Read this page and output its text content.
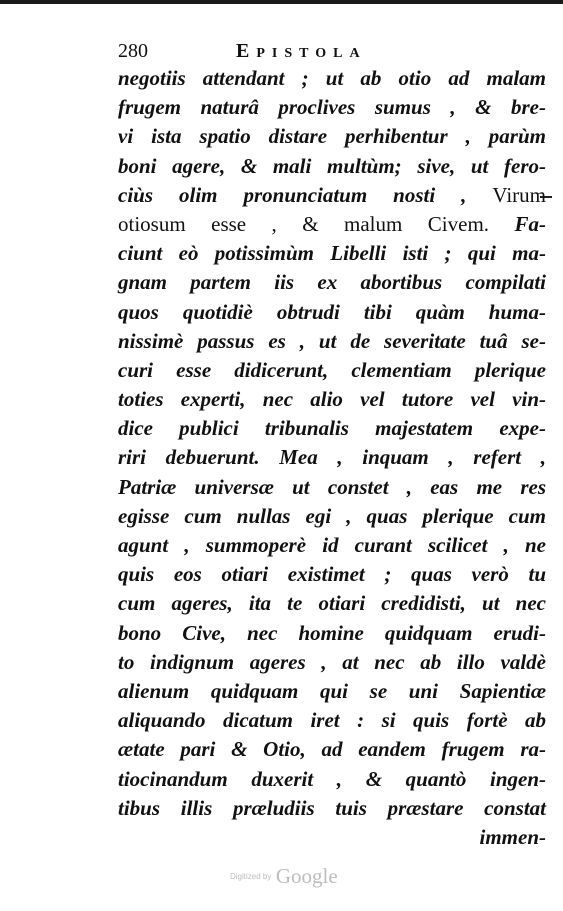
280	Epistola
negotiis attendant ; ut ab otio ad malam
frugem naturâ proclives sumus , & bre-
vi ista spatio distare perhibentur , parùm
boni agere, & mali multùm; sive, ut fero-
ciùs olim pronunciatum nosti , Virum
otiosum esse , & malum Civem. Fa-
ciunt eò potissimùm Libelli isti ; qui ma-
gnam partem iis ex abortibus compilati
quos quotidiè obtrudi tibi quàm huma-
nissimè passus es , ut de severitate tuâ se-
curi esse didicerunt, clementiam plerique
toties experti, nec alio vel tutore vel vin-
dice publici tribunalis majestatem expe-
riri debuerunt. Mea , inquam , refert ,
Patriæ universæ ut constet , eas me res
egisse cum nullas egi , quas plerique cum
agunt , summoperè id curant scilicet , ne
quis eos otiari existimet ; quas verò tu
cum ageres, ita te otiari credidisti, ut nec
bono Cive, nec homine quidquam erudi-
to indignum ageres , at nec ab illo valdè
alienum quidquam qui se uni Sapientiæ
aliquando dicatum iret : si quis fortè ab
ætate pari & Otio, ad eandem frugem ra-
tiocinandum duxerit , & quantò ingen-
tibus illis præludiis tuis præstare constat
immen-
Digitized by Google
